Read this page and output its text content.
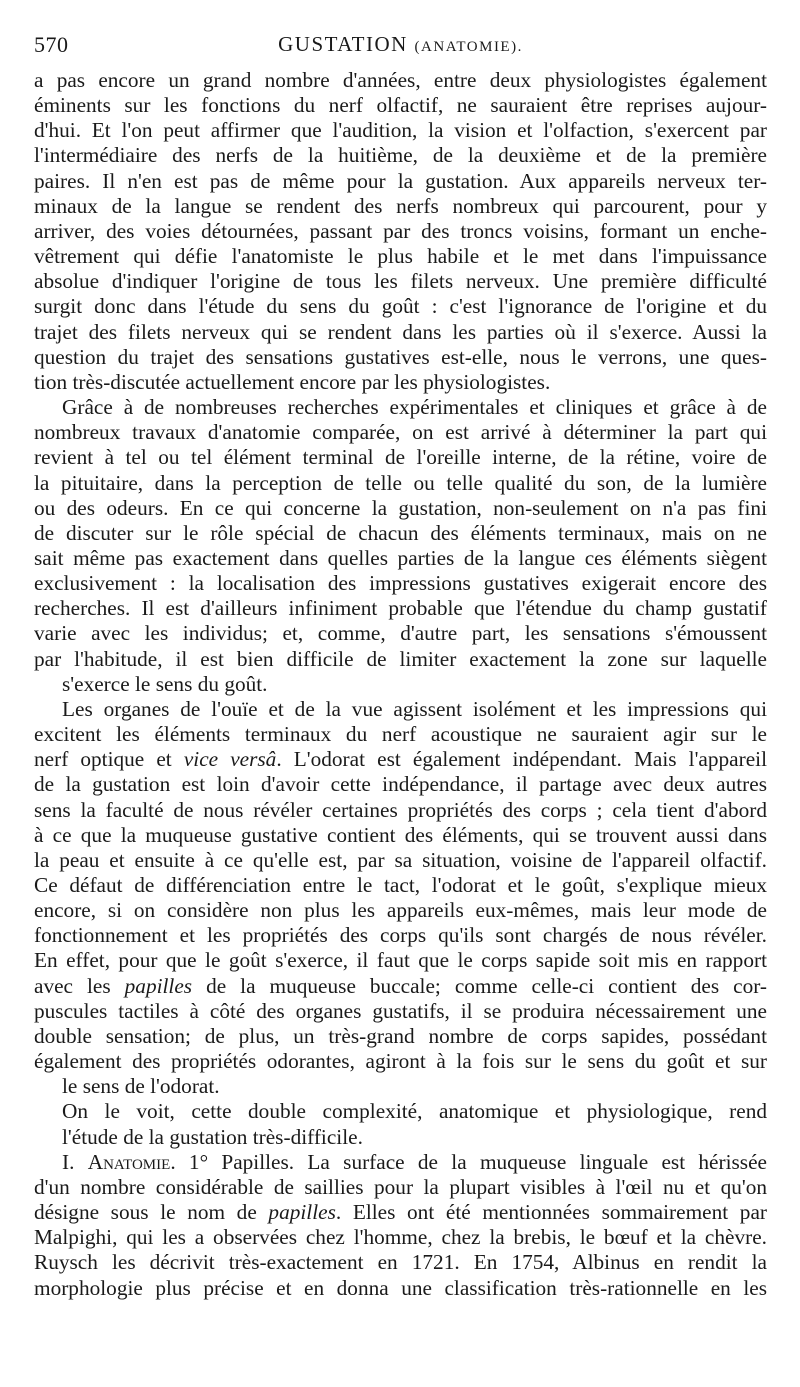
570	GUSTATION (ANATOMIE).

a pas encore un grand nombre d'années, entre deux physiologistes également
éminents sur les fonctions du nerf olfactif, ne sauraient être reprises aujour-
d'hui. Et l'on peut affirmer que l'audition, la vision et l'olfaction, s'exercent par
l'intermédiaire des nerfs de la huitième, de la deuxième et de la première
paires. Il n'en est pas de même pour la gustation. Aux appareils nerveux ter-
minaux de la langue se rendent des nerfs nombreux qui parcourent, pour y
arriver, des voies détournées, passant par des troncs voisins, formant un enche-
vêtrement qui défie l'anatomiste le plus habile et le met dans l'impuissance
absolue d'indiquer l'origine de tous les filets nerveux. Une première difficulté
surgit donc dans l'étude du sens du goût : c'est l'ignorance de l'origine et du
trajet des filets nerveux qui se rendent dans les parties où il s'exerce. Aussi la
question du trajet des sensations gustatives est-elle, nous le verrons, une ques-

tion très-discutée actuellement encore par les physiologistes.

Grâce à de nombreuses recherches expérimentales et cliniques et grâce à de
nombreux travaux d'anatomie comparée, on est arrivé à déterminer la part qui
revient à tel ou tel élément terminal de l'oreille interne, de la rétine, voire de
la pituitaire, dans la perception de telle ou telle qualité du son, de la lumière
ou des odeurs. En ce qui concerne la gustation, non-seulement on n'a pas fini
de discuter sur le rôle spécial de chacun des éléments terminaux, mais on ne
sait même pas exactement dans quelles parties de la langue ces éléments siègent
exclusivement : la localisation des impressions gustatives exigerait encore des
recherches. Il est d'ailleurs infiniment probable que l'étendue du champ gustatif
varie avec les individus; et, comme, d'autre part, les sensations s'émoussent
par l'habitude, il est bien difficile de limiter exactement la zone sur laquelle

s'exerce le sens du goût.

Les organes de l'ouïe et de la vue agissent isolément et les impressions qui
excitent les éléments terminaux du nerf acoustique ne sauraient agir sur le
nerf optique et vice versâ. L'odorat est également indépendant. Mais l'appareil
de la gustation est loin d'avoir cette indépendance, il partage avec deux autres
sens la faculté de nous révéler certaines propriétés des corps ; cela tient d'abord
à ce que la muqueuse gustative contient des éléments, qui se trouvent aussi dans
la peau et ensuite à ce qu'elle est, par sa situation, voisine de l'appareil olfactif.
Ce défaut de différenciation entre le tact, l'odorat et le goût, s'explique mieux
encore, si on considère non plus les appareils eux-mêmes, mais leur mode de
fonctionnement et les propriétés des corps qu'ils sont chargés de nous révéler.
En effet, pour que le goût s'exerce, il faut que le corps sapide soit mis en rapport
avec les papilles de la muqueuse buccale; comme celle-ci contient des cor-
puscules tactiles à côté des organes gustatifs, il se produira nécessairement une
double sensation; de plus, un très-grand nombre de corps sapides, possédant
également des propriétés odorantes, agiront à la fois sur le sens du goût et sur

le sens de l'odorat.

On le voit, cette double complexité, anatomique et physiologique, rend

l'étude de la gustation très-difficile.

I. Anatomie. 1° Papilles. La surface de la muqueuse linguale est hérissée
d'un nombre considérable de saillies pour la plupart visibles à l'œil nu et qu'on
désigne sous le nom de papilles. Elles ont été mentionnées sommairement par
Malpighi, qui les a observées chez l'homme, chez la brebis, le bœuf et la chèvre.
Ruysch les décrivit très-exactement en 1721. En 1754, Albinus en rendit la
morphologie plus précise et en donna une classification très-rationnelle en les
